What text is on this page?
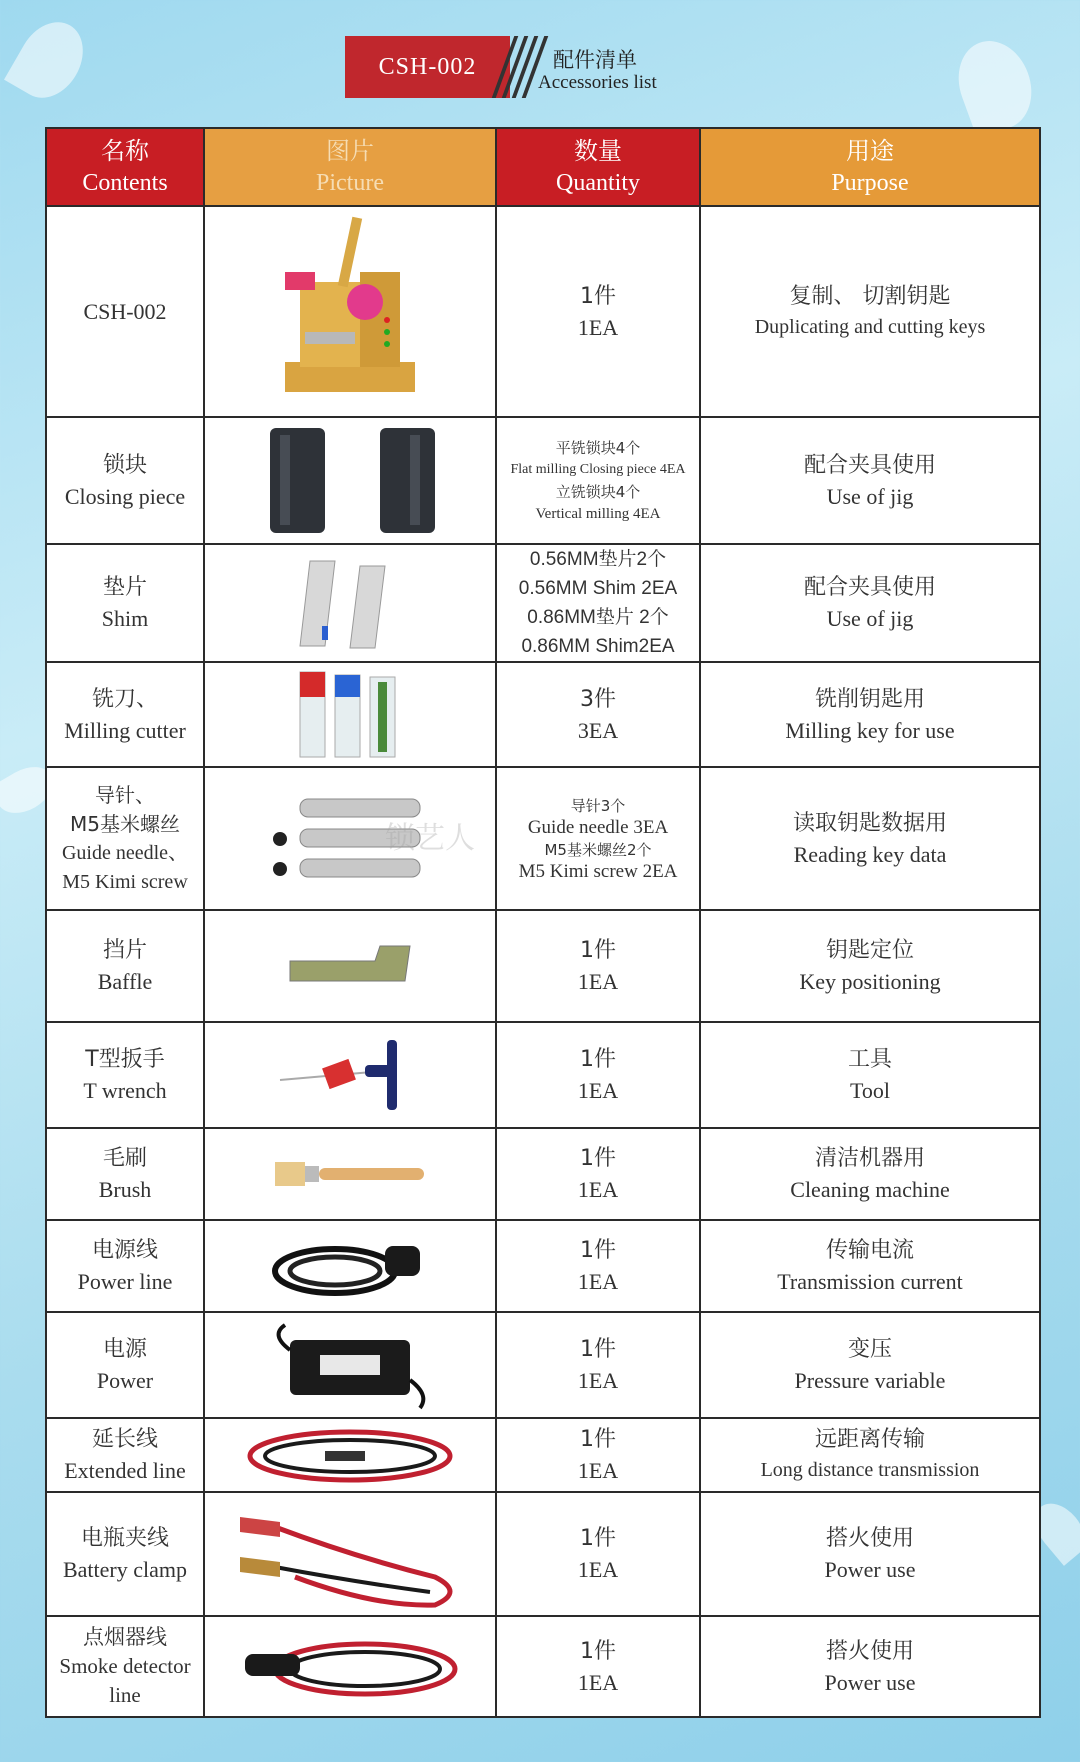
CSH-002	配件清单
Accessories list
名称
Contents	图片
Picture	数量
Quantity	用途
Purpose

CSH-002		1件
1EA	复制、 切割钥匙
Duplicating and cutting keys

锁块
Closing piece		平铣锁块4个
Flat milling Closing piece 4EA
立铣锁块4个
Vertical milling 4EA	配合夹具使用
Use of jig

垫片
Shim		0.56MM垫片2个
0.56MM Shim 2EA
0.86MM垫片 2个
0.86MM Shim2EA	配合夹具使用
Use of jig

铣刀、
Milling cutter		3件
3EA	铣削钥匙用
Milling key for use

导针、
M5基米螺丝
Guide needle、
M5 Kimi screw	锁艺人	导针3个
Guide needle 3EA
M5基米螺丝2个
M5 Kimi screw 2EA	读取钥匙数据用
Reading key data

挡片
Baffle		1件
1EA	钥匙定位
Key positioning

T型扳手
T wrench		1件
1EA	工具
Tool

毛刷
Brush		1件
1EA	清洁机器用
Cleaning machine

电源线
Power line		1件
1EA	传输电流
Transmission current

电源
Power		1件
1EA	变压
Pressure variable

延长线
Extended line		1件
1EA	远距离传输
Long distance transmission

电瓶夹线
Battery clamp		1件
1EA	搭火使用
Power use

点烟器线
Smoke detector
line		1件
1EA	搭火使用
Power use
